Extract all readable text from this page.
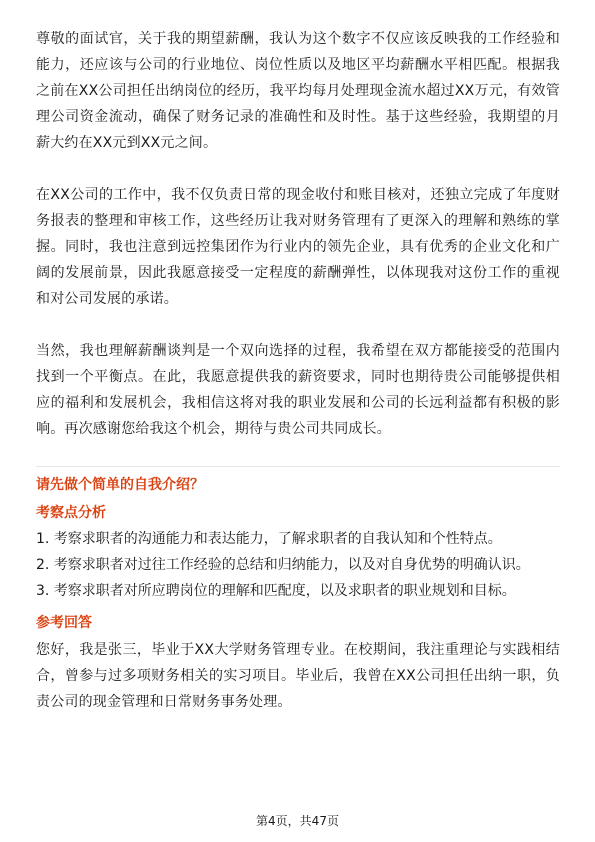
尊敬的面试官，关于我的期望薪酬，我认为这个数字不仅应该反映我的工作经验和能力，还应该与公司的行业地位、岗位性质以及地区平均薪酬水平相匹配。根据我之前在XX公司担任出纳岗位的经历，我平均每月处理现金流水超过XX万元，有效管理公司资金流动，确保了财务记录的准确性和及时性。基于这些经验，我期望的月薪大约在XX元到XX元之间。

在XX公司的工作中，我不仅负责日常的现金收付和账目核对，还独立完成了年度财务报表的整理和审核工作，这些经历让我对财务管理有了更深入的理解和熟练的掌握。同时，我也注意到远控集团作为行业内的领先企业，具有优秀的企业文化和广阔的发展前景，因此我愿意接受一定程度的薪酬弹性，以体现我对这份工作的重视和对公司发展的承诺。

当然，我也理解薪酬谈判是一个双向选择的过程，我希望在双方都能接受的范围内找到一个平衡点。在此，我愿意提供我的薪资要求，同时也期待贵公司能够提供相应的福利和发展机会，我相信这将对我的职业发展和公司的长远利益都有积极的影响。再次感谢您给我这个机会，期待与贵公司共同成长。

请先做个简单的自我介绍？
考察点分析
1. 考察求职者的沟通能力和表达能力，了解求职者的自我认知和个性特点。
2. 考察求职者对过往工作经验的总结和归纳能力，以及对自身优势的明确认识。
3. 考察求职者对所应聘岗位的理解和匹配度，以及求职者的职业规划和目标。
参考回答

您好，我是张三，毕业于XX大学财务管理专业。在校期间，我注重理论与实践相结合，曾参与过多项财务相关的实习项目。毕业后，我曾在XX公司担任出纳一职，负责公司的现金管理和日常财务事务处理。

第4页，共47页
